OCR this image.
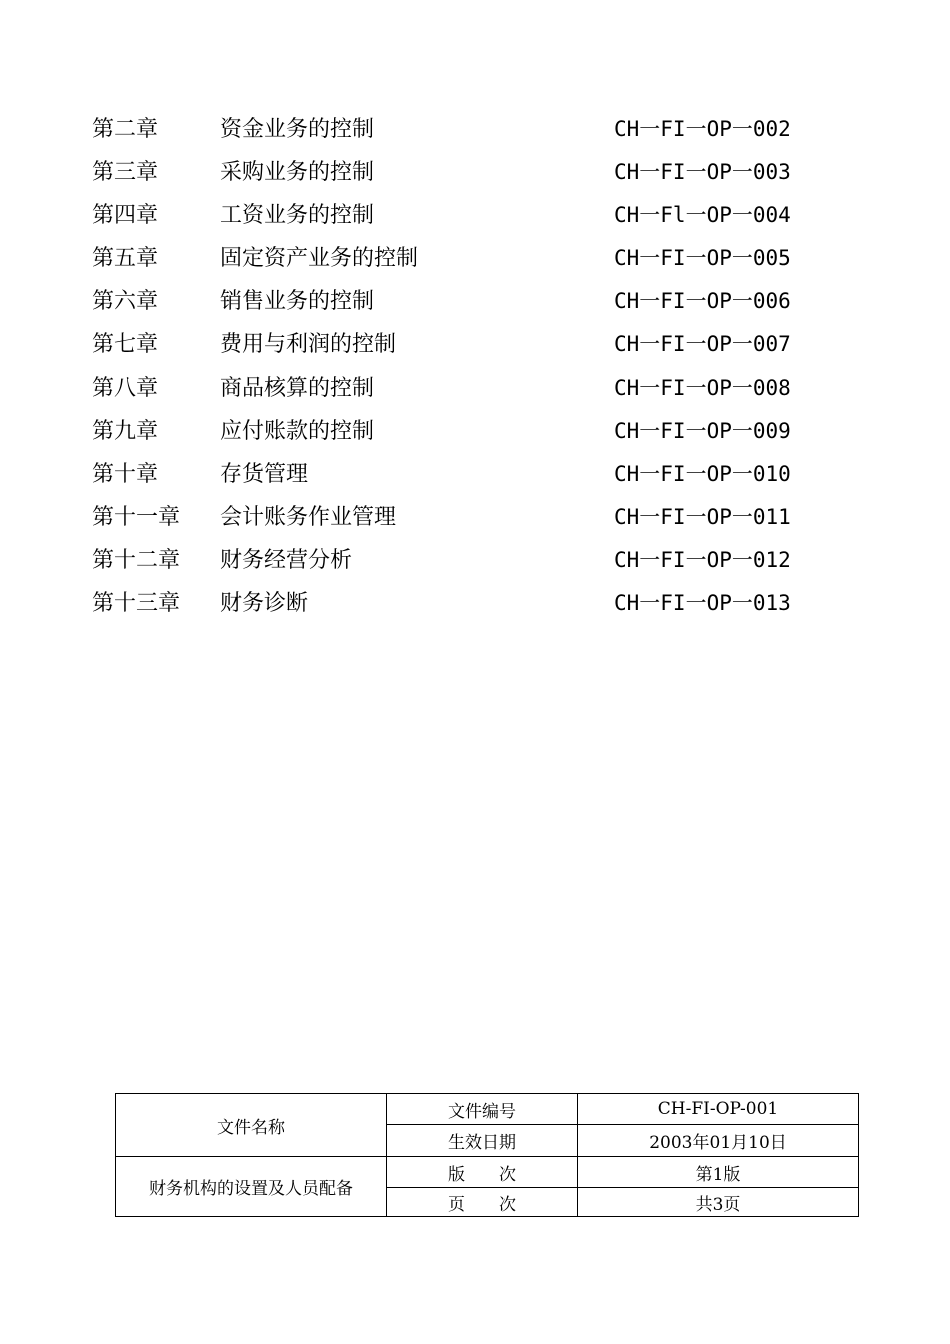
第二章	资金业务的控制	CH一FI一OP一002
第三章	采购业务的控制	CH一FI一OP一003
第四章	工资业务的控制	CH一Fl一OP一004
第五章	固定资产业务的控制	CH一FI一OP一005
第六章	销售业务的控制	CH一FI一OP一006
第七章	费用与利润的控制	CH一FI一OP一007
第八章	商品核算的控制	CH一FI一OP一008
第九章	应付账款的控制	CH一FI一OP一009
第十章	存货管理	CH一FI一OP一010
第十一章 会计账务作业管理	CH一FI一OP一011
第十二章 财务经营分析	CH一FI一OP一012
第十三章 财务诊断	CH一FI一OP一013
文件名称	文件编号	CH-FI-OP-001
	生效日期	2003年01月10日
财务机构的设置及人员配备	版　　次	第1版
	页　　次	共3页
